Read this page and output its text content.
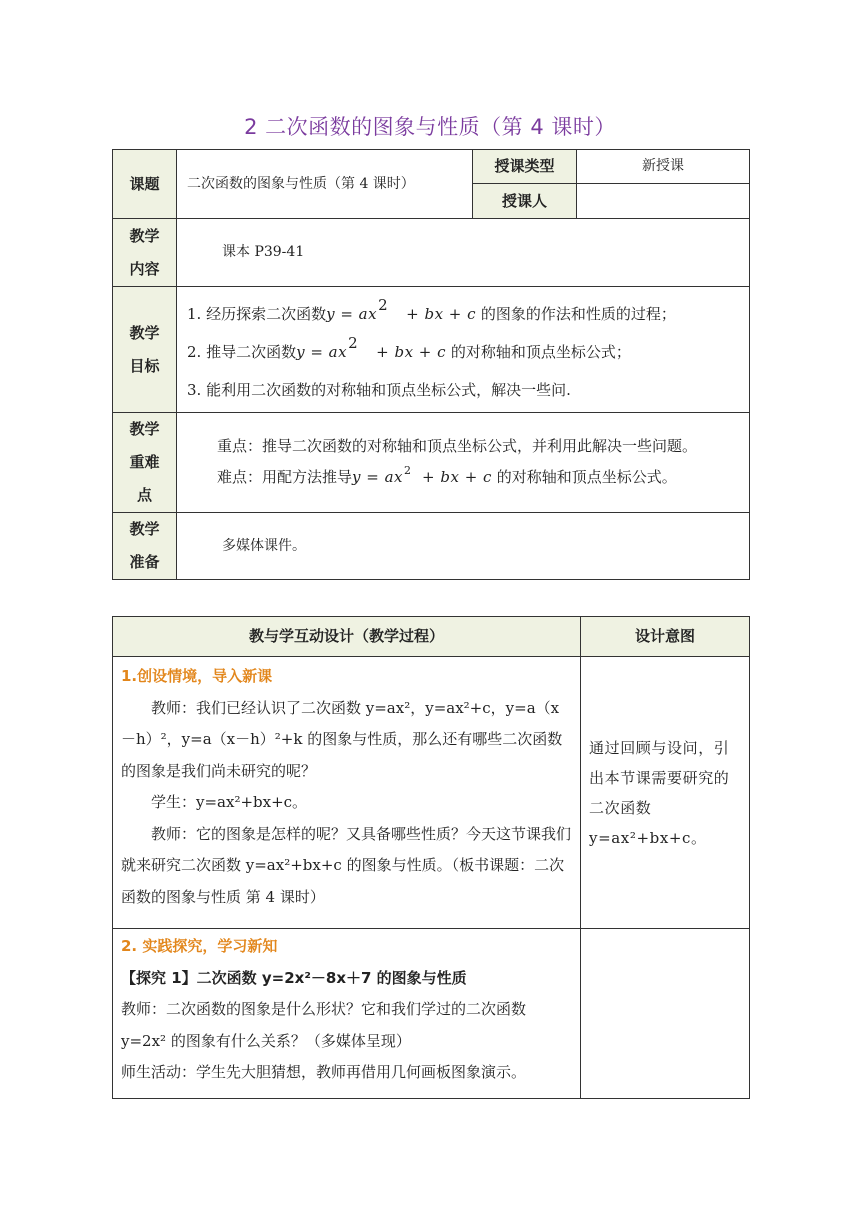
2 二次函数的图象与性质（第 4 课时）
课题	二次函数的图象与性质（第 4 课时）	授课类型	新授课
		授课人	

教学内容	课本 P39-41		

教学目标	1. 经历探索二次函数y = ax2 + bx + c 的图象的作法和性质的过程；
2. 推导二次函数y = ax2 + bx + c 的对称轴和顶点坐标公式；
3. 能利用二次函数的对称轴和顶点坐标公式，解决一些问.		

教学重难点	重点：推导二次函数的对称轴和顶点坐标公式，并利用此解决一些问题。
难点：用配方法推导$y = ax^2$  + bx + c 的对称轴和顶点坐标公式。		

教学准备	多媒体课件。		
教与学互动设计（教学过程）	设计意图

1.创设情境，导入新课

教师：我们已经认识了二次函数 y=ax²，y=ax²+c，y=a（x－h）²，y=a（x－h）²+k 的图象与性质，那么还有哪些二次函数的图象是我们尚未研究的呢？

学生：y=ax²+bx+c。

教师：它的图象是怎样的呢？又具备哪些性质？今天这节课我们就来研究二次函数 y=ax²+bx+c 的图象与性质。（板书课题：二次函数的图象与性质 第 4 课时）	通过回顾与设问，引出本节课需要研究的二次函数 y=ax²+bx+c。

2. 实践探究，学习新知

【探究 1】二次函数 y=2x²－8x＋7 的图象与性质

教师：二次函数的图象是什么形状？它和我们学过的二次函数 y=2x² 的图象有什么关系？（多媒体呈现）

师生活动：学生先大胆猜想，教师再借用几何画板图象演示。	
